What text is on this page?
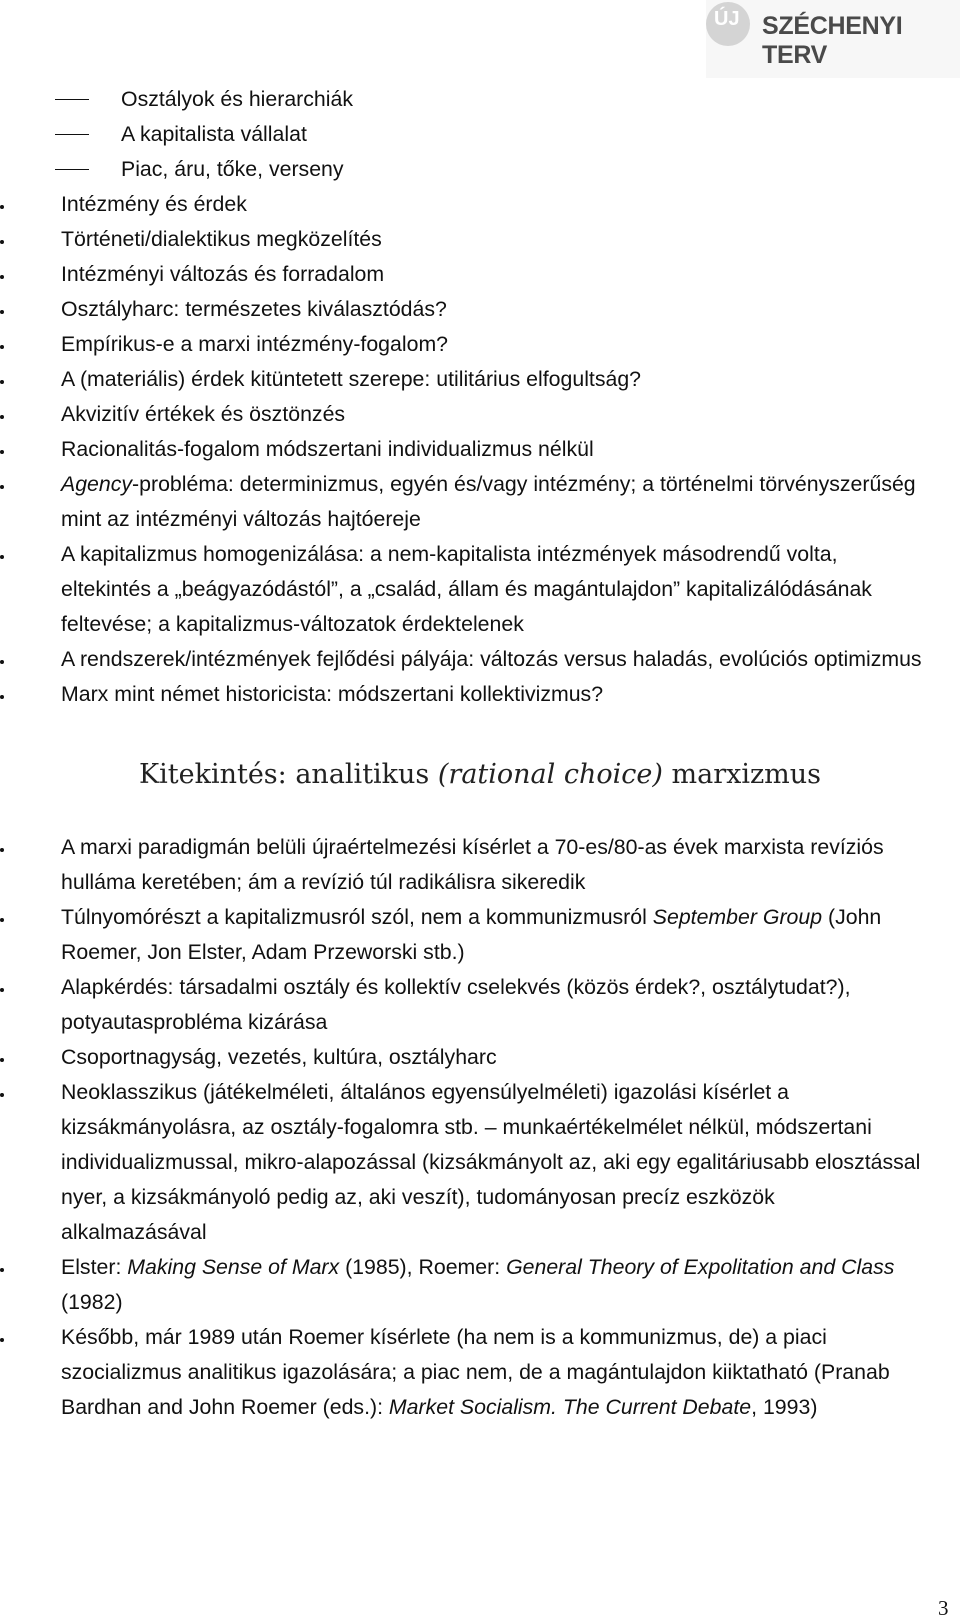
ÚJ SZÉCHENYI TERV
Osztályok és hierarchiák
A kapitalista vállalat
Piac, áru, tőke, verseny
Intézmény és érdek
Történeti/dialektikus megközelítés
Intézményi változás és forradalom
Osztályharc: természetes kiválasztódás?
Empírikus-e a marxi intézmény-fogalom?
A (materiális) érdek kitüntetett szerepe: utilitárius elfogultság?
Akvizitív értékek és ösztönzés
Racionalitás-fogalom módszertani individualizmus nélkül
Agency-probléma: determinizmus, egyén és/vagy intézmény; a történelmi törvényszerűség mint az intézményi változás hajtóereje
A kapitalizmus homogenizálása: a nem-kapitalista intézmények másodrendű volta, eltekintés a „beágyazódástól”, a „család, állam és magántulajdon” kapitalizálódásának feltevése; a kapitalizmus-változatok érdektelenek
A rendszerek/intézmények fejlődési pályája: változás versus haladás, evolúciós optimizmus
Marx mint német historicista: módszertani kollektivizmus?
Kitekintés: analitikus (rational choice) marxizmus
A marxi paradigmán belüli újraértelmezési kísérlet a 70-es/80-as évek marxista revíziós hulláma keretében; ám a revízió túl radikálisra sikeredik
Túlnyomórészt a kapitalizmusról szól, nem a kommunizmusról September Group (John Roemer, Jon Elster, Adam Przeworski stb.)
Alapkérdés: társadalmi osztály és kollektív cselekvés (közös érdek?, osztálytudat?), potyautasprobléma kizárása
Csoportnagyság, vezetés, kultúra, osztályharc
Neoklasszikus (játékelméleti, általános egyensúlyelméleti) igazolási kísérlet a kizsákmányolásra, az osztály-fogalomra stb. – munkaértékelmélet nélkül, módszertani individualizmussal, mikro-alapozással (kizsákmányolt az, aki egy egalitáriusabb elosztással nyer, a kizsákmányoló pedig az, aki veszít), tudományosan precíz eszközök alkalmazásával
Elster: Making Sense of Marx (1985), Roemer: General Theory of Expolitation and Class (1982)
Később, már 1989 után Roemer kísérlete (ha nem is a kommunizmus, de) a piaci szocializmus analitikus igazolására; a piac nem, de a magántulajdon kiiktatható (Pranab Bardhan and John Roemer (eds.): Market Socialism. The Current Debate, 1993)
3
